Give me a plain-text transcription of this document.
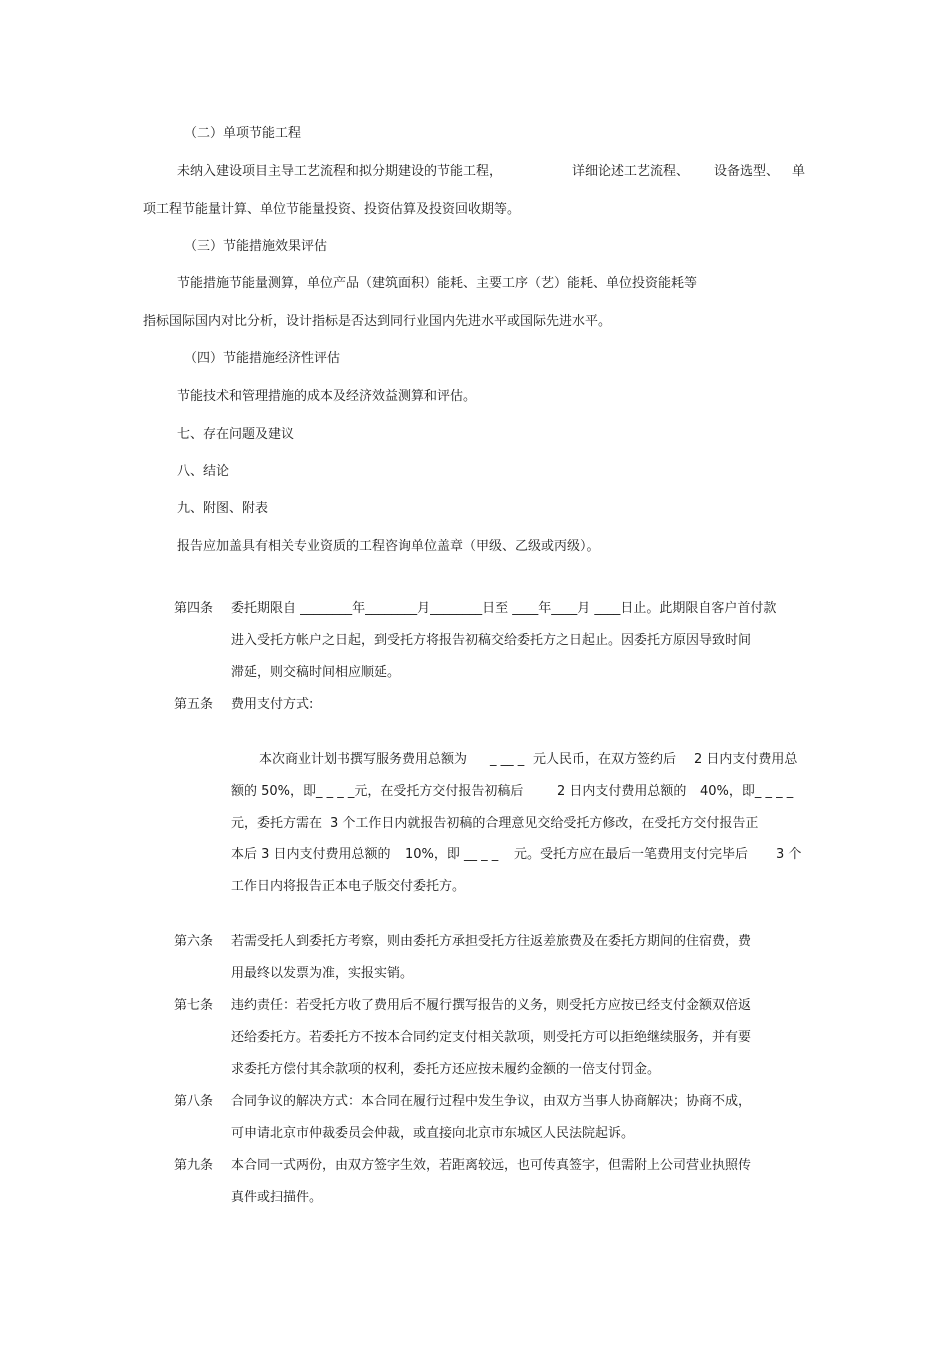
（二）单项节能工程
未纳入建设项目主导工艺流程和拟分期建设的节能工程，	详细论述工艺流程、 设备选型、 单
项工程节能量计算、单位节能量投资、投资估算及投资回收期等。
（三）节能措施效果评估
节能措施节能量测算，单位产品（建筑面积）能耗、主要工序（艺）能耗、单位投资能耗等
指标国际国内对比分析，设计指标是否达到同行业国内先进水平或国际先进水平。
（四）节能措施经济性评估
节能技术和管理措施的成本及经济效益测算和评估。
七、存在问题及建议
八、结论
九、附图、附表
报告应加盖具有相关专业资质的工程咨询单位盖章（甲级、乙级或丙级）。
第四条 委托期限自 ________年________月________日至 ____年____月 ____日止。此期限自客户首付款
进入受托方帐户之日起，到受托方将报告初稿交给委托方之日起止。因委托方原因导致时间
滞延，则交稿时间相应顺延。
第五条 费用支付方式:
本次商业计划书撰写服务费用总额为 _ __ _ 元人民币，在双方签约后 2 日内支付费用总
额的 50%，即_ _ _ _元，在受托方交付报告初稿后	2 日内支付费用总额的 40%，即_ _ _ _
元，委托方需在 3 个工作日内就报告初稿的合理意见交给受托方修改，在受托方交付报告正
本后 3 日内支付费用总额的 10%，即 __ _ _ 元。受托方应在最后一笔费用支付完毕后 3 个
工作日内将报告正本电子版交付委托方。
第六条 若需受托人到委托方考察，则由委托方承担受托方往返差旅费及在委托方期间的住宿费，费
用最终以发票为准，实报实销。
第七条 违约责任：若受托方收了费用后不履行撰写报告的义务，则受托方应按已经支付金额双倍返
还给委托方。若委托方不按本合同约定支付相关款项，则受托方可以拒绝继续服务，并有要
求委托方偿付其余款项的权利，委托方还应按未履约金额的一倍支付罚金。
第八条 合同争议的解决方式：本合同在履行过程中发生争议，由双方当事人协商解决；协商不成，
可申请北京市仲裁委员会仲裁，或直接向北京市东城区人民法院起诉。
第九条 本合同一式两份，由双方签字生效，若距离较远，也可传真签字，但需附上公司营业执照传
真件或扫描件。
